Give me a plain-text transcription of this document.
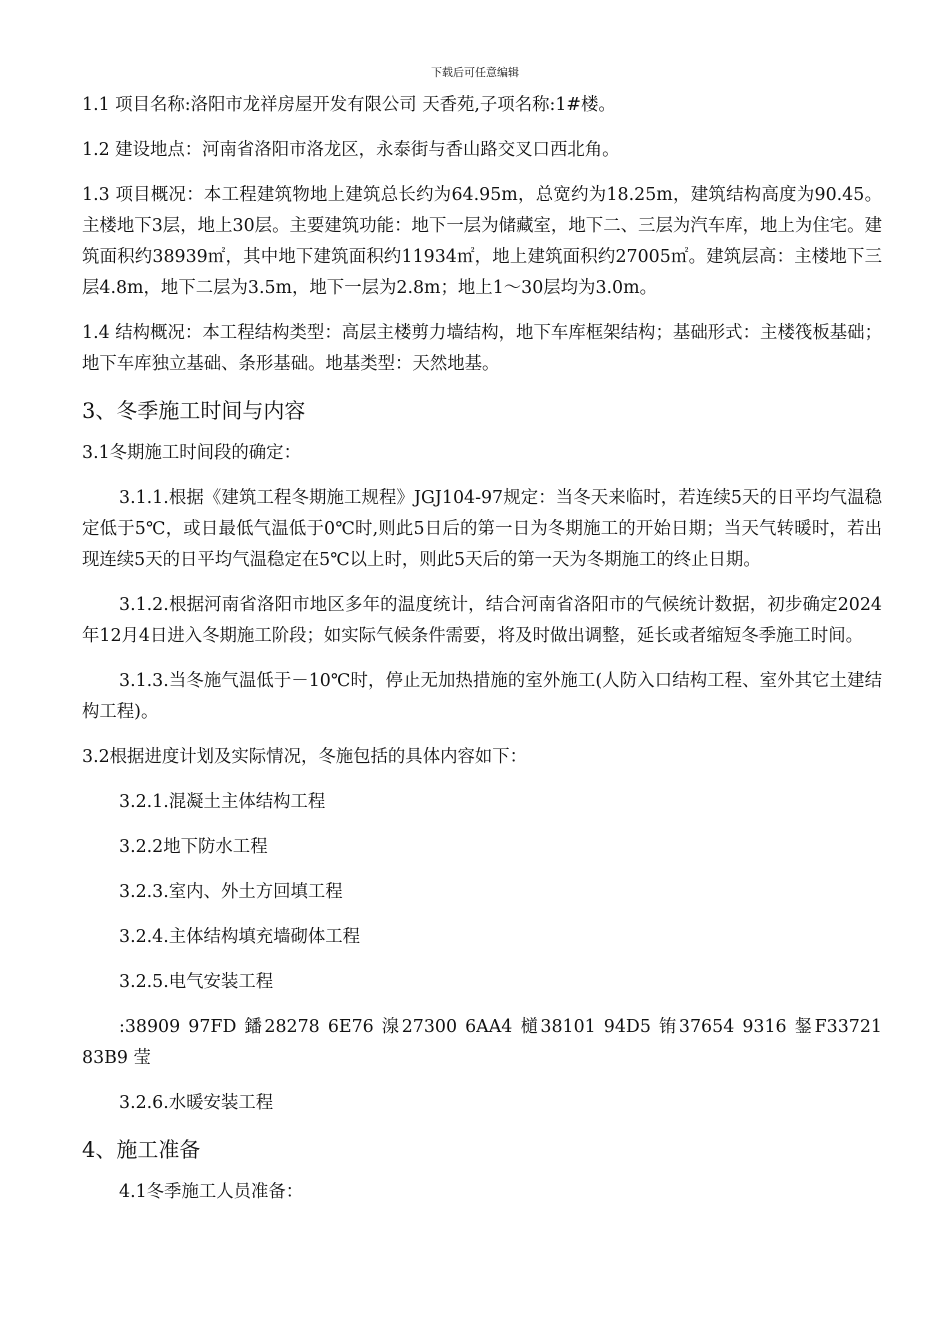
下载后可任意编辑

1.1 项目名称:洛阳市龙祥房屋开发有限公司 天香苑,子项名称:1#楼。

1.2 建设地点：河南省洛阳市洛龙区，永泰街与香山路交叉口西北角。

1.3 项目概况：本工程建筑物地上建筑总长约为64.95m，总宽约为18.25m，建筑结构高度为90.45。主楼地下3层，地上30层。主要建筑功能：地下一层为储藏室，地下二、三层为汽车库，地上为住宅。建筑面积约38939㎡，其中地下建筑面积约11934㎡，地上建筑面积约27005㎡。建筑层高：主楼地下三层4.8m，地下二层为3.5m，地下一层为2.8m；地上1～30层均为3.0m。

1.4 结构概况：本工程结构类型：高层主楼剪力墙结构，地下车库框架结构；基础形式：主楼筏板基础；地下车库独立基础、条形基础。地基类型：天然地基。

3、冬季施工时间与内容

3.1冬期施工时间段的确定：

3.1.1.根据《建筑工程冬期施工规程》JGJ104-97规定：当冬天来临时，若连续5天的日平均气温稳定低于5℃，或日最低气温低于0℃时,则此5日后的第一日为冬期施工的开始日期；当天气转暖时，若出现连续5天的日平均气温稳定在5℃以上时，则此5天后的第一天为冬期施工的终止日期。

3.1.2.根据河南省洛阳市地区多年的温度统计，结合河南省洛阳市的气候统计数据，初步确定2024年12月4日进入冬期施工阶段；如实际气候条件需要，将及时做出调整，延长或者缩短冬季施工时间。

3.1.3.当冬施气温低于－10℃时，停止无加热措施的室外施工(人防入口结构工程、室外其它土建结构工程)。

3.2根据进度计划及实际情况，冬施包括的具体内容如下：

3.2.1.混凝土主体结构工程

3.2.2地下防水工程

3.2.3.室内、外土方回填工程

3.2.4.主体结构填充墙砌体工程

3.2.5.电气安装工程

:38909 97FD 鐇28278 6E76 湶27300 6AA4 檤38101 94D5 铕37654 9316 錖F33721 83B9 莹

3.2.6.水暖安装工程

4、施工准备

4.1冬季施工人员准备：
